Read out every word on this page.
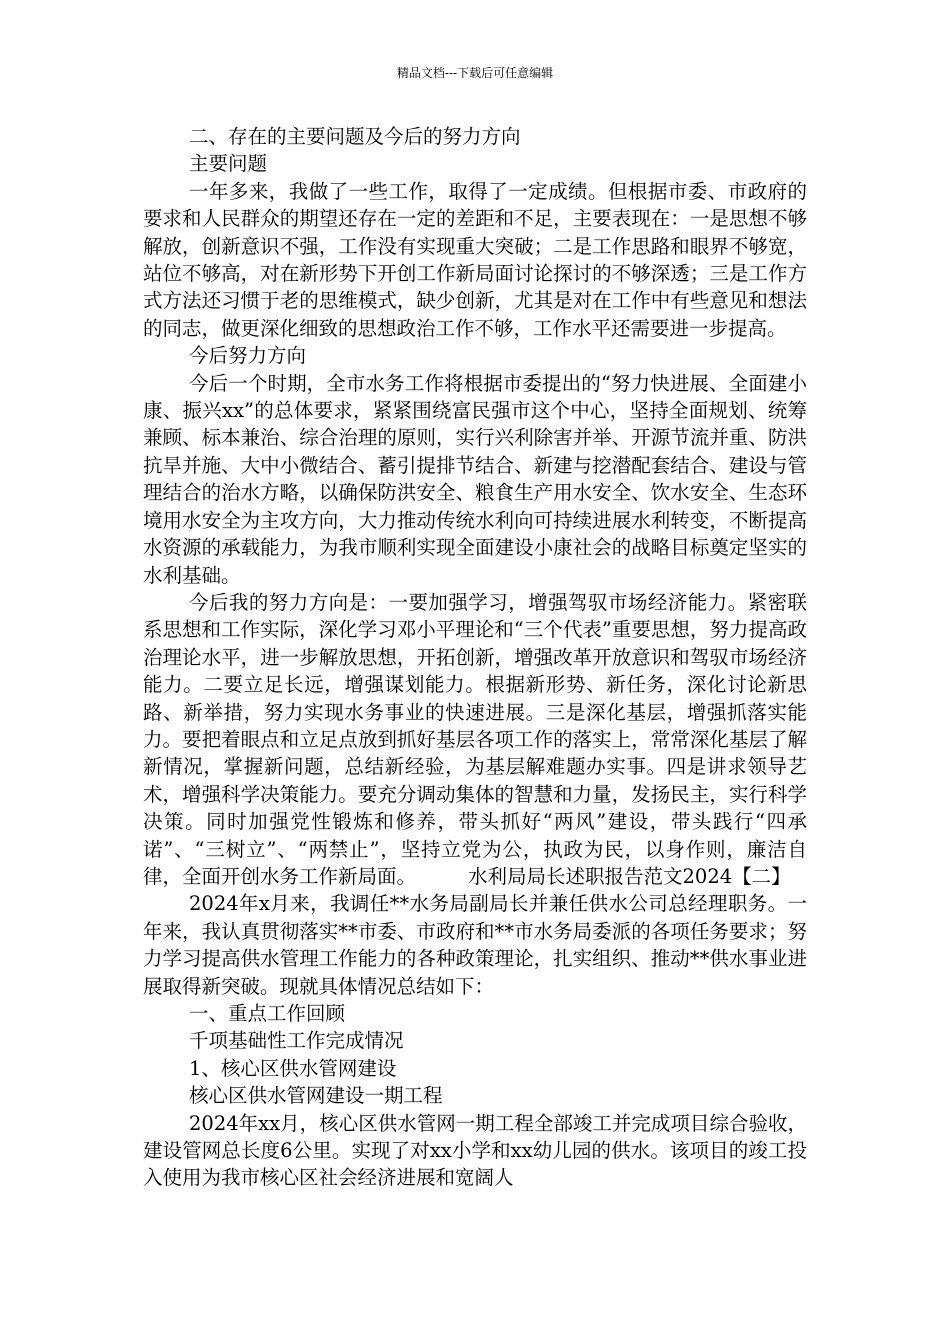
精品文档---下载后可任意编辑

二、存在的主要问题及今后的努力方向

主要问题

一年多来，我做了一些工作，取得了一定成绩。但根据市委、市政府的要求和人民群众的期望还存在一定的差距和不足，主要表现在：一是思想不够解放，创新意识不强，工作没有实现重大突破；二是工作思路和眼界不够宽，站位不够高，对在新形势下开创工作新局面讨论探讨的不够深透；三是工作方式方法还习惯于老的思维模式，缺少创新，尤其是对在工作中有些意见和想法的同志，做更深化细致的思想政治工作不够，工作水平还需要进一步提高。

今后努力方向

今后一个时期，全市水务工作将根据市委提出的“努力快进展、全面建小康、振兴xx”的总体要求，紧紧围绕富民强市这个中心，坚持全面规划、统筹兼顾、标本兼治、综合治理的原则，实行兴利除害并举、开源节流并重、防洪抗旱并施、大中小微结合、蓄引提排节结合、新建与挖潜配套结合、建设与管理结合的治水方略，以确保防洪安全、粮食生产用水安全、饮水安全、生态环境用水安全为主攻方向，大力推动传统水利向可持续进展水利转变，不断提高水资源的承载能力，为我市顺利实现全面建设小康社会的战略目标奠定坚实的水利基础。

今后我的努力方向是：一要加强学习，增强驾驭市场经济能力。紧密联系思想和工作实际，深化学习邓小平理论和“三个代表”重要思想，努力提高政治理论水平，进一步解放思想，开拓创新，增强改革开放意识和驾驭市场经济能力。二要立足长远，增强谋划能力。根据新形势、新任务，深化讨论新思路、新举措，努力实现水务事业的快速进展。三是深化基层，增强抓落实能力。要把着眼点和立足点放到抓好基层各项工作的落实上，常常深化基层了解新情况，掌握新问题，总结新经验，为基层解难题办实事。四是讲求领导艺术，增强科学决策能力。要充分调动集体的智慧和力量，发扬民主，实行科学决策。同时加强党性锻炼和修养，带头抓好“两风”建设，带头践行“四承诺”、“三树立”、“两禁止”，坚持立党为公，执政为民，以身作则，廉洁自律，全面开创水务工作新局面。	水利局局长述职报告范文2024【二】

2024年x月来，我调任**水务局副局长并兼任供水公司总经理职务。一年来，我认真贯彻落实**市委、市政府和**市水务局委派的各项任务要求；努力学习提高供水管理工作能力的各种政策理论，扎实组织、推动**供水事业进展取得新突破。现就具体情况总结如下：

一、重点工作回顾

千项基础性工作完成情况

1、核心区供水管网建设

核心区供水管网建设一期工程

2024年xx月，核心区供水管网一期工程全部竣工并完成项目综合验收，建设管网总长度6公里。实现了对xx小学和xx幼儿园的供水。该项目的竣工投入使用为我市核心区社会经济进展和宽阔人
